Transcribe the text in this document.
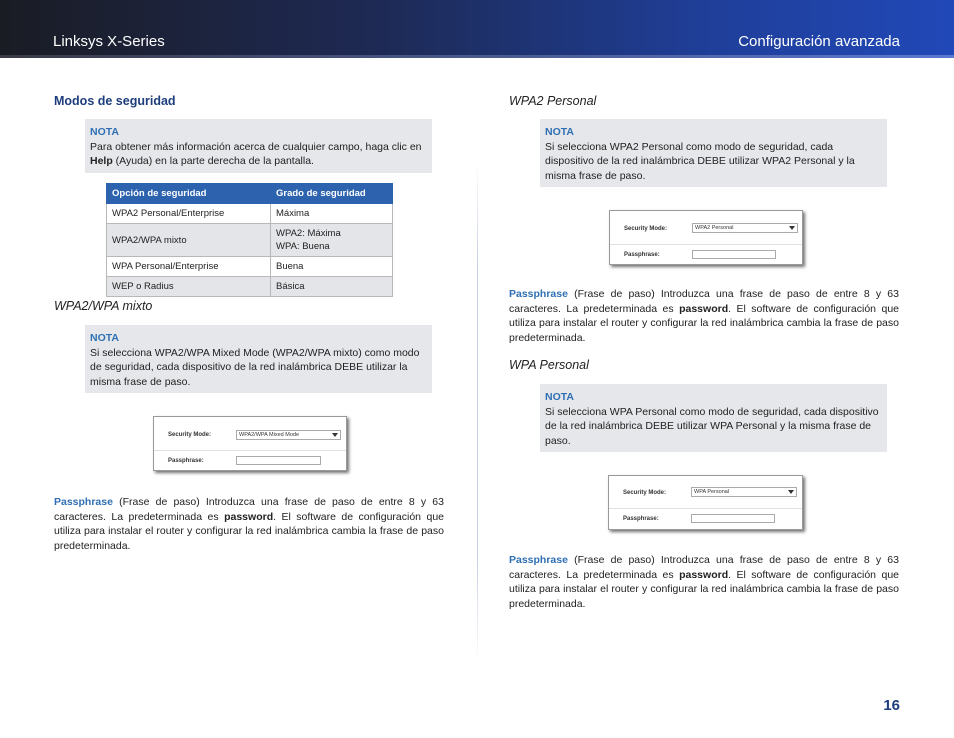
Linksys X-Series	Configuración avanzada
Modos de seguridad
NOTA
Para obtener más información acerca de cualquier campo, haga clic en Help (Ayuda) en la parte derecha de la pantalla.
Opción de seguridad	Grado de seguridad
WPA2 Personal/Enterprise	Máxima
WPA2/WPA mixto	WPA2: Máxima
WPA: Buena

WPA Personal/Enterprise	Buena
WEP o Radius	Básica
WPA2/WPA mixto
NOTA
Si selecciona WPA2/WPA Mixed Mode (WPA2/WPA mixto) como modo de seguridad, cada dispositivo de la red inalámbrica DEBE utilizar la misma frase de paso.
Security Mode:	WPA2/WPA Mixed Mode
Passphrase:
Passphrase (Frase de paso) Introduzca una frase de paso de entre 8 y 63 caracteres. La predeterminada es password. El software de configuración que utiliza para instalar el router y configurar la red inalámbrica cambia la frase de paso predeterminada.
WPA2 Personal
NOTA
Si selecciona WPA2 Personal como modo de seguridad, cada dispositivo de la red inalámbrica DEBE utilizar WPA2 Personal y la misma frase de paso.
Security Mode:	WPA2 Personal
Passphrase:
Passphrase (Frase de paso) Introduzca una frase de paso de entre 8 y 63 caracteres. La predeterminada es password. El software de configuración que utiliza para instalar el router y configurar la red inalámbrica cambia la frase de paso predeterminada.
WPA Personal
NOTA
Si selecciona WPA Personal como modo de seguridad, cada dispositivo de la red inalámbrica DEBE utilizar WPA Personal y la misma frase de paso.
Security Mode:	WPA Personal
Passphrase:
Passphrase (Frase de paso) Introduzca una frase de paso de entre 8 y 63 caracteres. La predeterminada es password. El software de configuración que utiliza para instalar el router y configurar la red inalámbrica cambia la frase de paso predeterminada.
16
